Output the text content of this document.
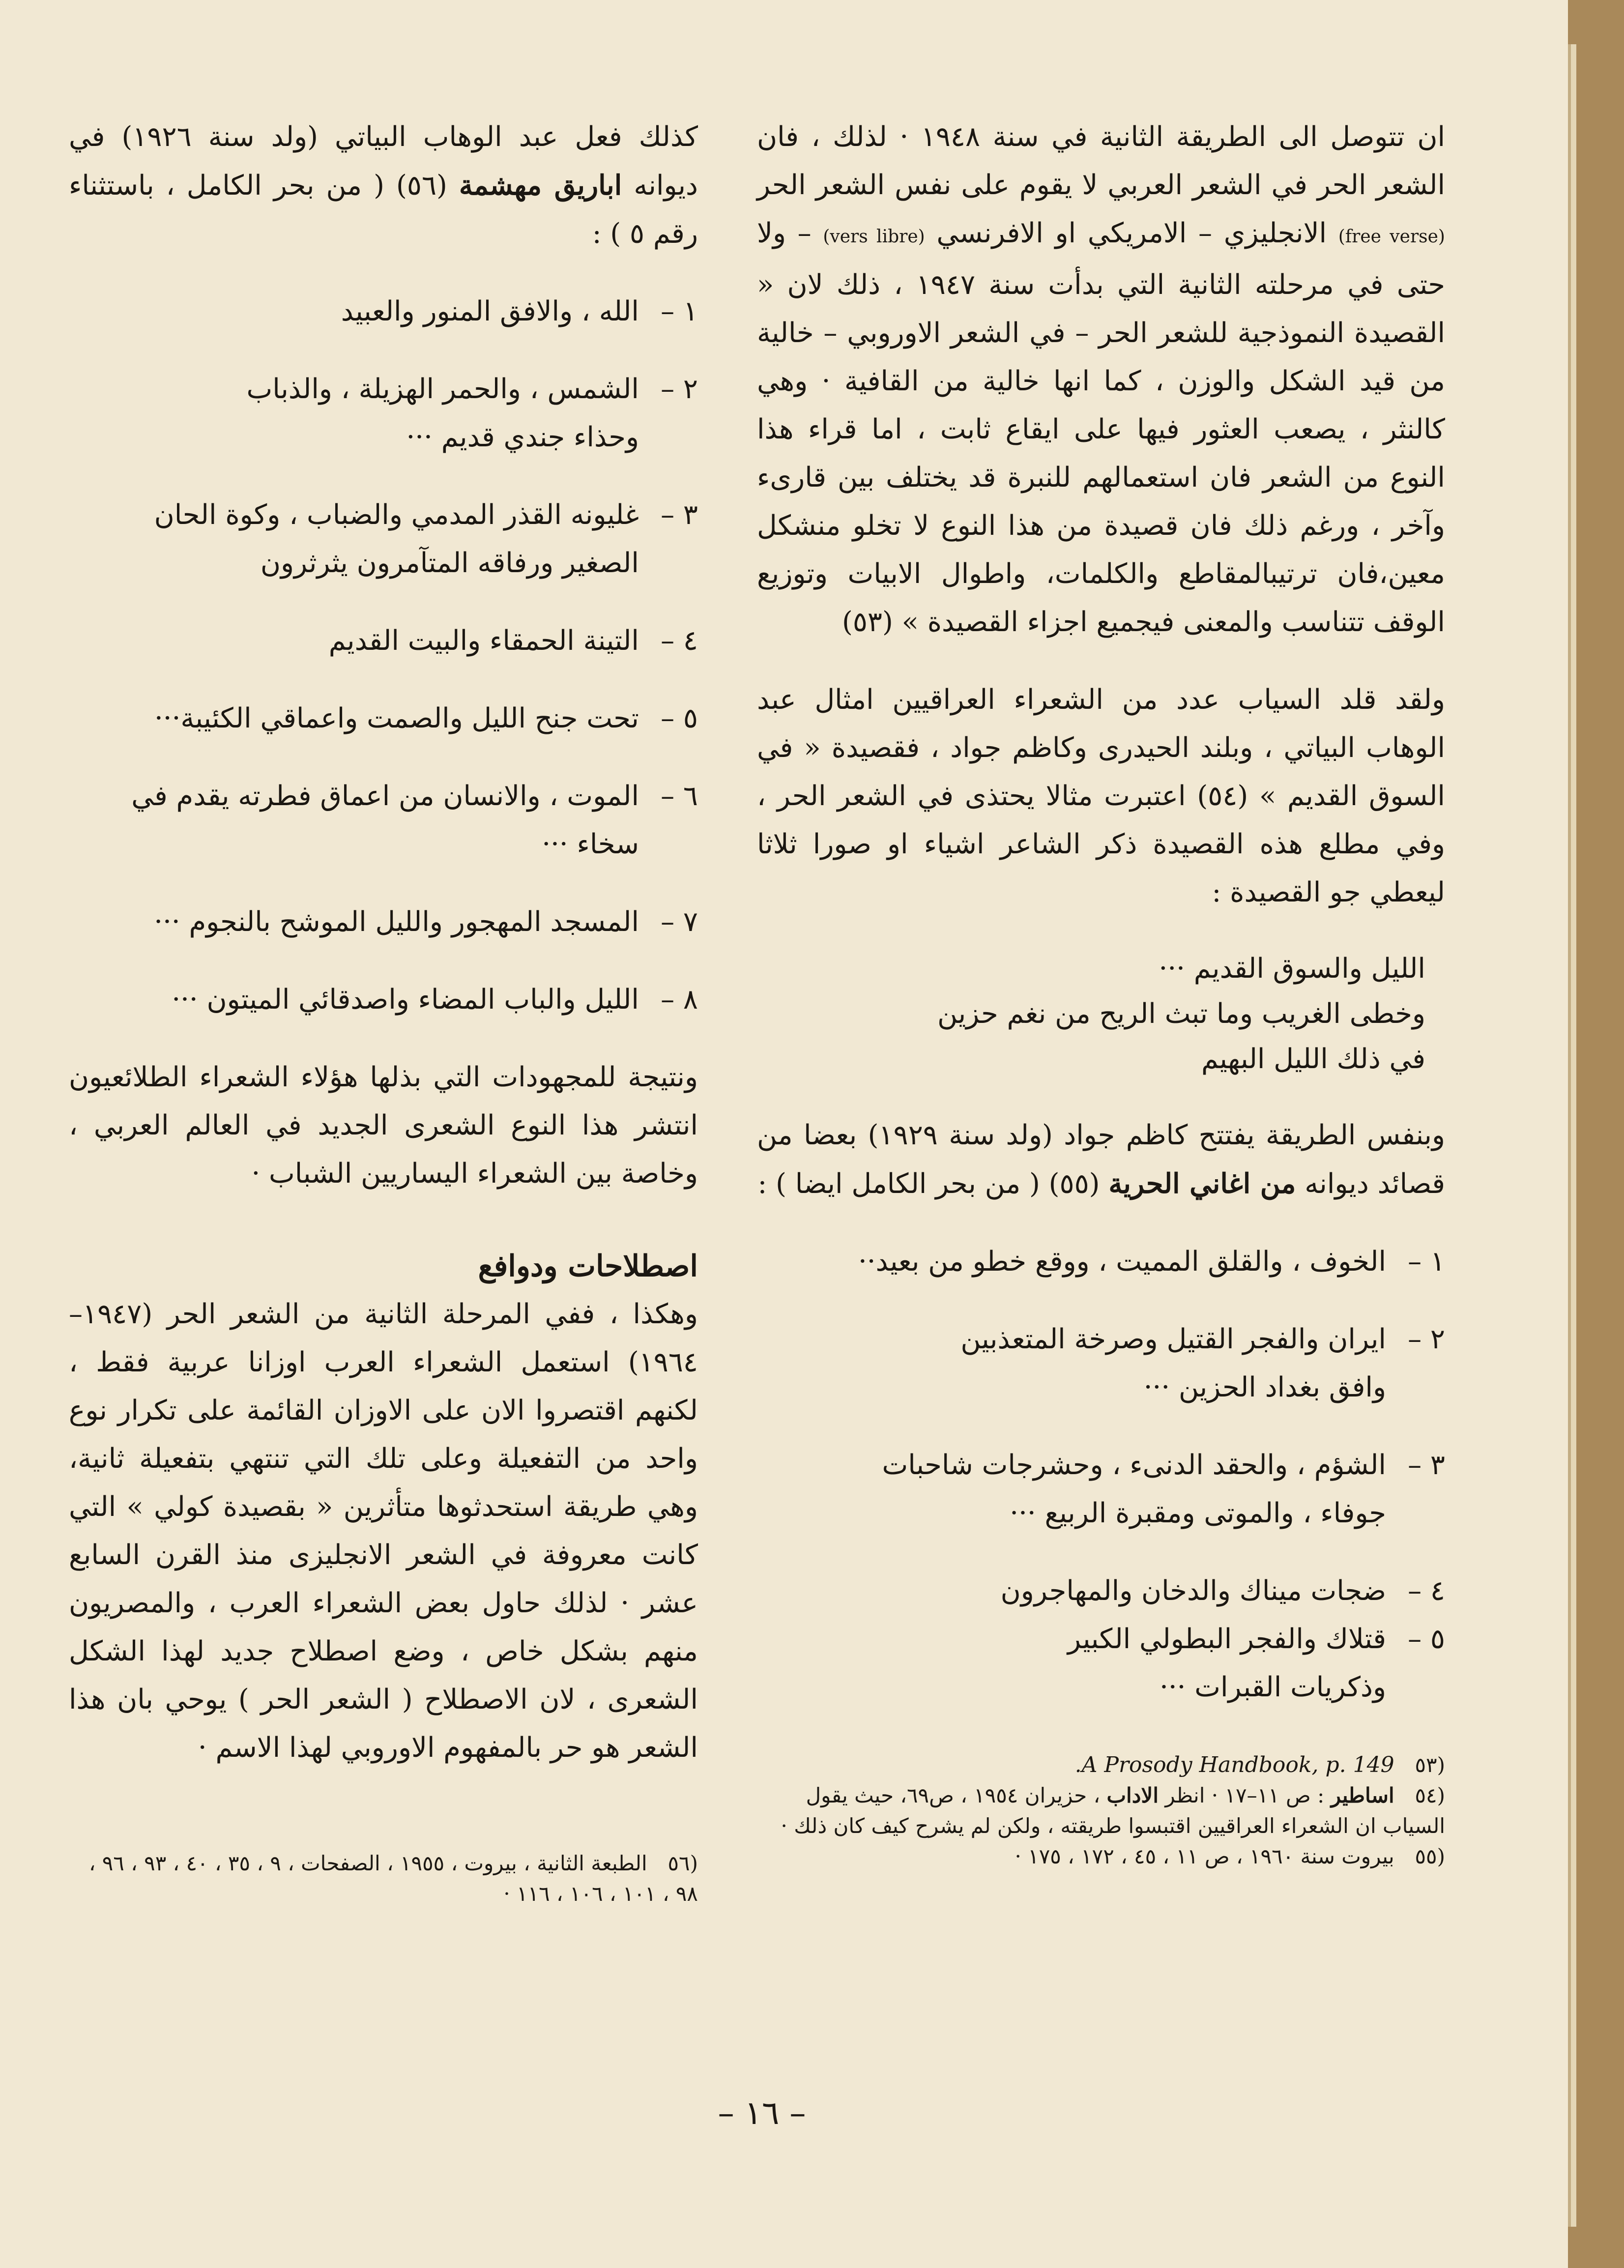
ان تتوصل الى الطريقة الثانية في سنة ١٩٤٨ · لذلك ، فان الشعر الحر في الشعر العربي لا يقوم على نفس الشعر الحر (free verse) الانجليزي – الامريكي او الافرنسي (vers libre) – ولا حتى في مرحلته الثانية التي بدأت سنة ١٩٤٧ ، ذلك لان « القصيدة النموذجية للشعر الحر – في الشعر الاوروبي – خالية من قيد الشكل والوزن ، كما انها خالية من القافية · وهي كالنثر ، يصعب العثور فيها على ايقاع ثابت ، اما قراء هذا النوع من الشعر فان استعمالهم للنبرة قد يختلف بين قارىء وآخر ، ورغم ذلك فان قصيدة من هذا النوع لا تخلو منشكل معين،فان ترتيبالمقاطع والكلمات، واطوال الابيات وتوزيع الوقف تتناسب والمعنى فيجميع اجزاء القصيدة » (٥٣)

ولقد قلد السياب عدد من الشعراء العراقيين امثال عبد الوهاب البياتي ، وبلند الحيدرى وكاظم جواد ، فقصيدة « في السوق القديم » (٥٤) اعتبرت مثالا يحتذى في الشعر الحر ، وفي مطلع هذه القصيدة ذكر الشاعر اشياء او صورا ثلاثا ليعطي جو القصيدة :

الليل والسوق القديم ···

وخطى الغريب وما تبث الريح من نغم حزين

في ذلك الليل البهيم

وبنفس الطريقة يفتتح كاظم جواد (ولد سنة ١٩٢٩) بعضا من قصائد ديوانه من اغاني الحرية (٥٥) ( من بحر الكامل ايضا ) :

١ –الخوف ، والقلق المميت ، ووقع خطو من بعيد··

٢ –ايران والفجر القتيل وصرخة المتعذبين

وافق بغداد الحزين ···

٣ –الشؤم ، والحقد الدنىء ، وحشرجات شاحبات

جوفاء ، والموتى ومقبرة الربيع ···

٤ –ضجات ميناك والدخان والمهاجرون

٥ –قتلاك والفجر البطولي الكبير

وذكريات القبرات ···

كذلك فعل عبد الوهاب البياتي (ولد سنة ١٩٢٦) في ديوانه اباريق مهشمة (٥٦) ( من بحر الكامل ، باستثناء رقم ٥ ) :

١ –الله ، والافق المنور والعبيد

٢ –الشمس ، والحمر الهزيلة ، والذباب

وحذاء جندي قديم ···

٣ –غليونه القذر المدمي والضباب ، وكوة الحان

الصغير ورفاقه المتآمرون يثرثرون

٤ –التينة الحمقاء والبيت القديم

٥ –تحت جنح الليل والصمت واعماقي الكئيبة···

٦ –الموت ، والانسان من اعماق فطرته يقدم في

سخاء ···

٧ –المسجد المهجور والليل الموشح بالنجوم ···

٨ –الليل والباب المضاء واصدقائي الميتون ···

ونتيجة للمجهودات التي بذلها هؤلاء الشعراء الطلائعيون انتشر هذا النوع الشعرى الجديد في العالم العربي ، وخاصة بين الشعراء اليساريين الشباب ·

اصطلاحات ودوافع

وهكذا ، ففي المرحلة الثانية من الشعر الحر (١٩٤٧– ١٩٦٤) استعمل الشعراء العرب اوزانا عربية فقط ، لكنهم اقتصروا الان على الاوزان القائمة على تكرار نوع واحد من التفعيلة وعلى تلك التي تنتهي بتفعيلة ثانية، وهي طريقة استحدثوها متأثرين « بقصيدة كولي » التي كانت معروفة في الشعر الانجليزى منذ القرن السابع عشر · لذلك حاول بعض الشعراء العرب ، والمصريون منهم بشكل خاص ، وضع اصطلاح جديد لهذا الشكل الشعرى ، لان الاصطلاح ( الشعر الحر ) يوحي بان هذا الشعر هو حر بالمفهوم الاوروبي لهذا الاسم ·

(٥٣ A Prosody Handbook, p. 149.
(٥٤ اساطير : ص ١١–١٧ · انظر الاداب ، حزيران ١٩٥٤ ، ص٦٩، حيث يقول السياب ان الشعراء العراقيين اقتبسوا طريقته ، ولكن لم يشرح كيف كان ذلك ·
(٥٥ بيروت سنة ١٩٦٠ ، ص ١١ ، ٤٥ ، ١٧٢ ، ١٧٥ ·
(٥٦ الطبعة الثانية ، بيروت ، ١٩٥٥ ، الصفحات ، ٩ ، ٣٥ ، ٤٠ ، ٩٣ ، ٩٦ ، ٩٨ ، ١٠١ ، ١٠٦ ، ١١٦ ·
– ١٦ –
